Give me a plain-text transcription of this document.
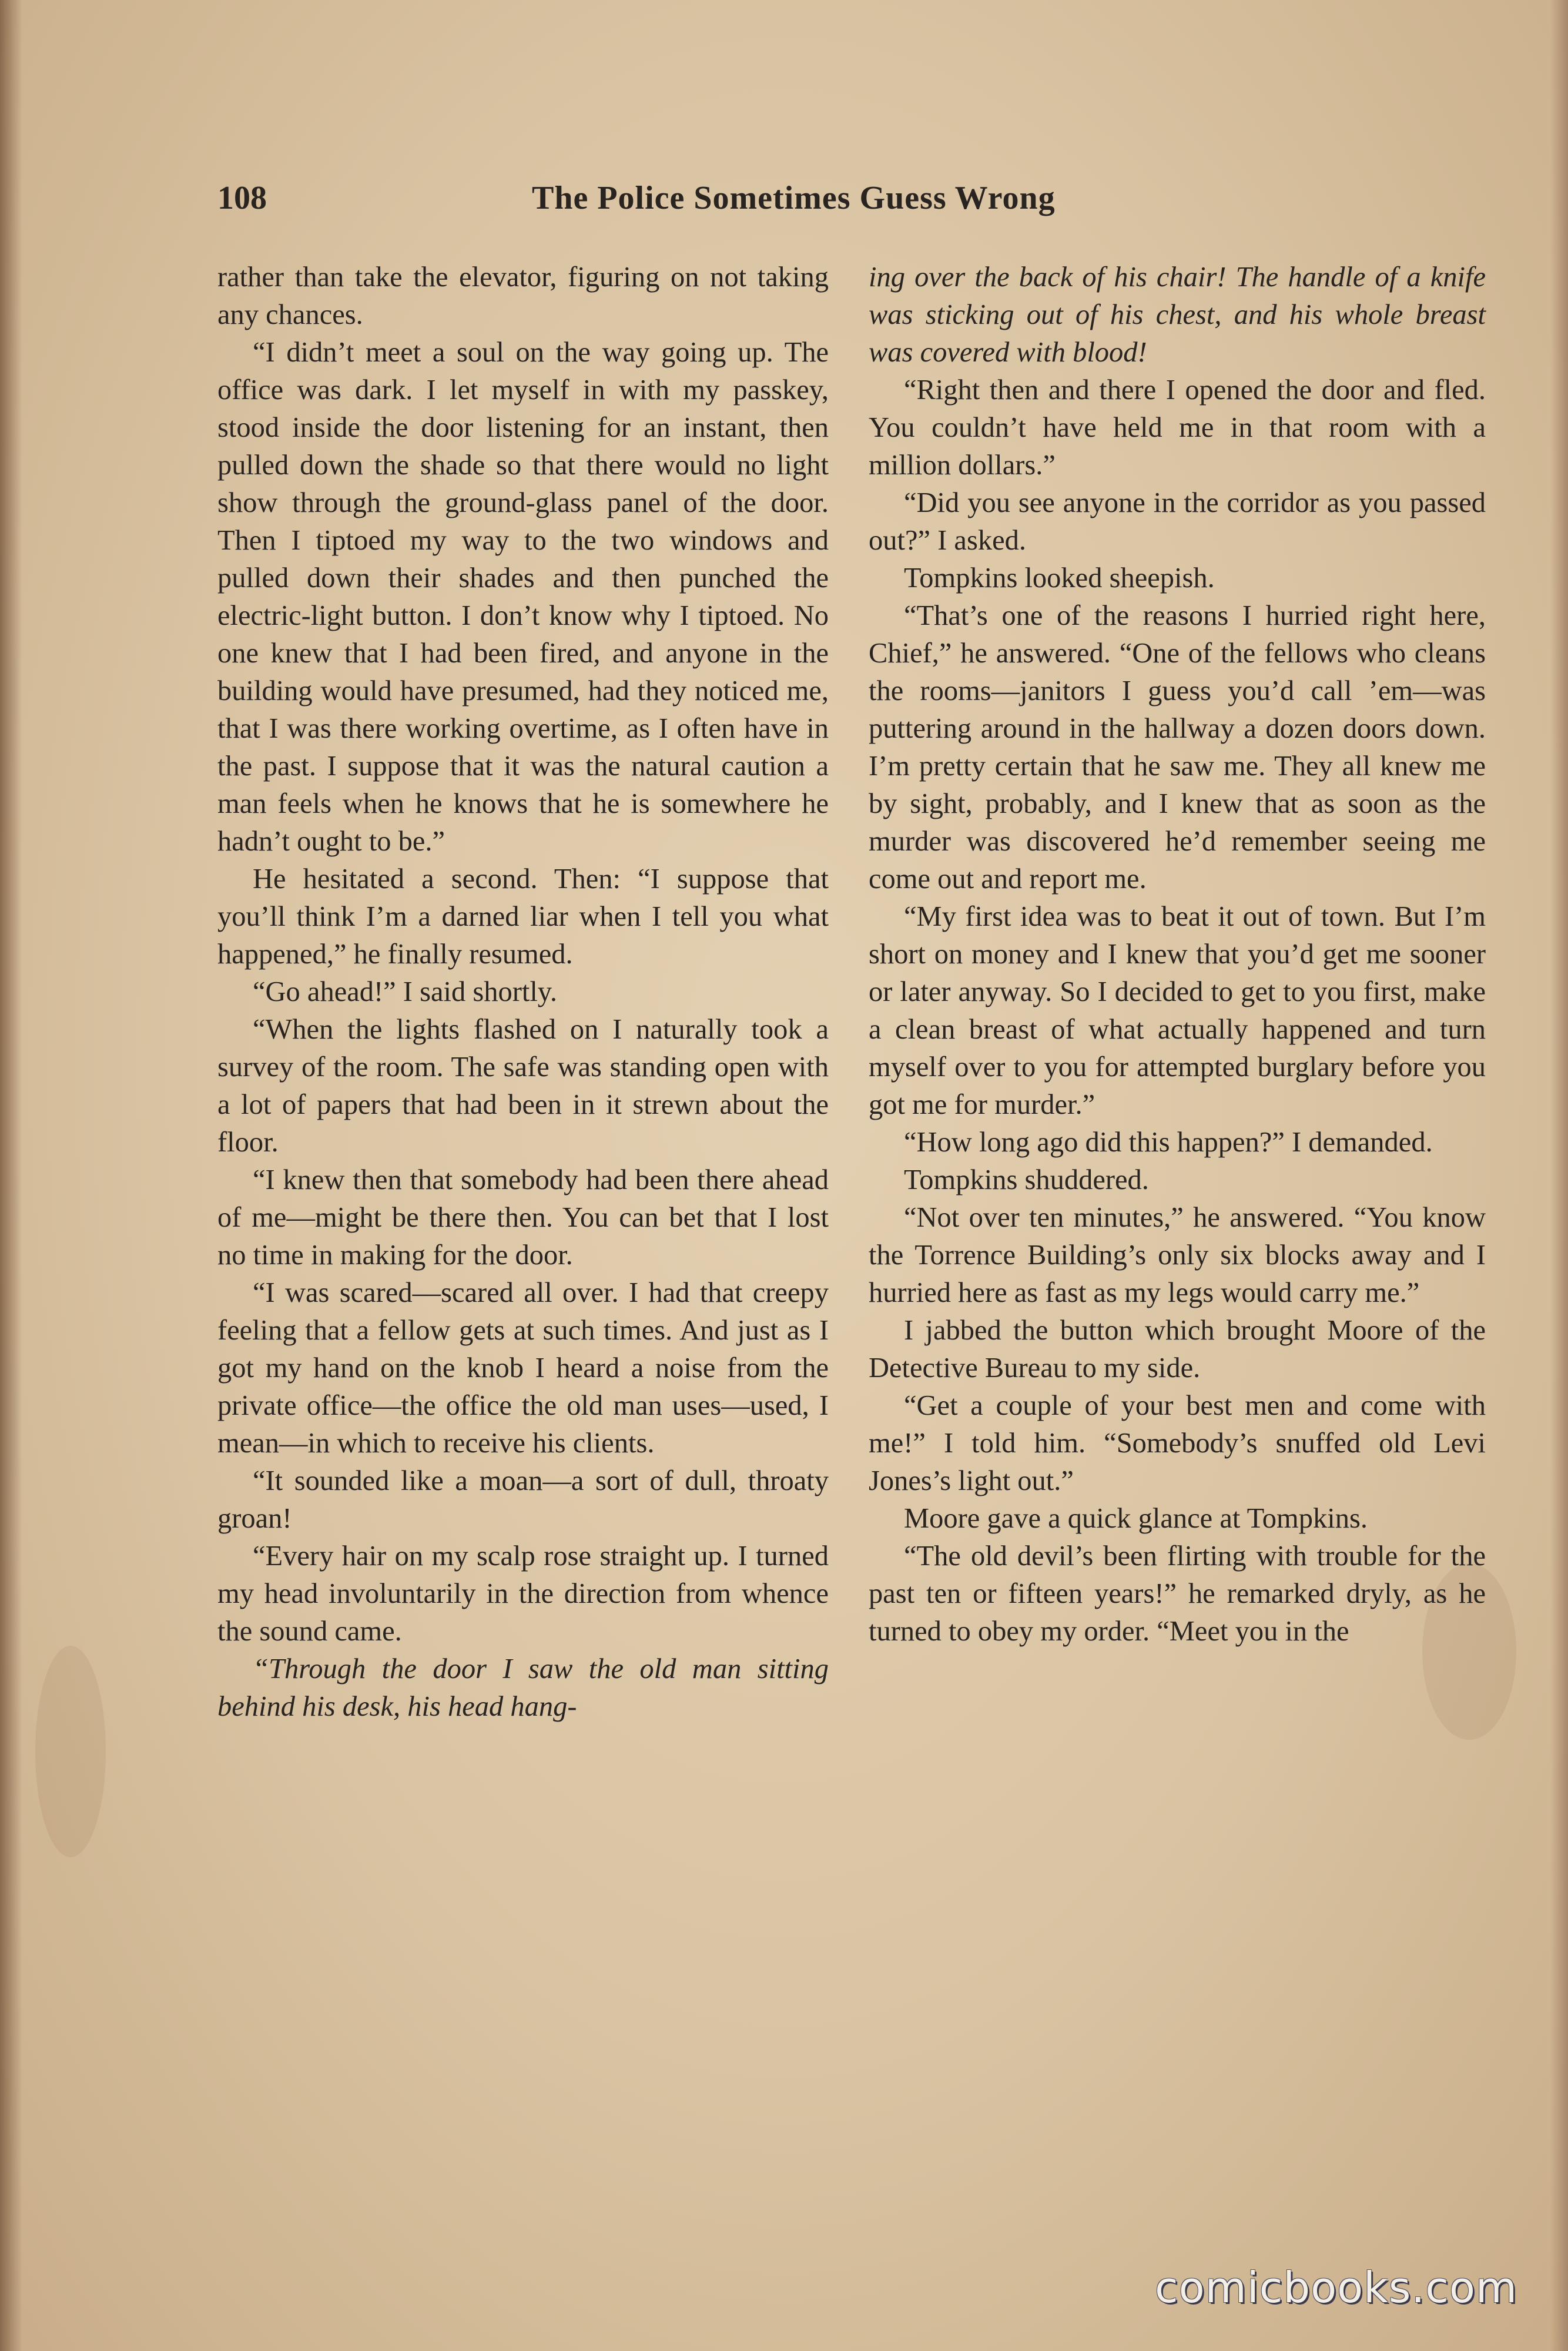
108	The Police Sometimes Guess Wrong

rather than take the elevator, figuring on not taking any chances.

“I didn’t meet a soul on the way going up. The office was dark. I let myself in with my passkey, stood inside the door listening for an instant, then pulled down the shade so that there would no light show through the ground-glass panel of the door. Then I tiptoed my way to the two windows and pulled down their shades and then punched the electric-light button. I don’t know why I tiptoed. No one knew that I had been fired, and anyone in the building would have presumed, had they noticed me, that I was there working overtime, as I often have in the past. I suppose that it was the natural caution a man feels when he knows that he is somewhere he hadn’t ought to be.”

He hesitated a second. Then: “I suppose that you’ll think I’m a darned liar when I tell you what happened,” he finally resumed.

“Go ahead!” I said shortly.

“When the lights flashed on I naturally took a survey of the room. The safe was standing open with a lot of papers that had been in it strewn about the floor.

“I knew then that somebody had been there ahead of me—might be there then. You can bet that I lost no time in making for the door.

“I was scared—scared all over. I had that creepy feeling that a fellow gets at such times. And just as I got my hand on the knob I heard a noise from the private office—the office the old man uses—used, I mean—in which to receive his clients.

“It sounded like a moan—a sort of dull, throaty groan!

“Every hair on my scalp rose straight up. I turned my head involuntarily in the direction from whence the sound came.

“Through the door I saw the old man sitting behind his desk, his head hang-

ing over the back of his chair! The handle of a knife was sticking out of his chest, and his whole breast was covered with blood!

“Right then and there I opened the door and fled. You couldn’t have held me in that room with a million dollars.”

“Did you see anyone in the corridor as you passed out?” I asked.

Tompkins looked sheepish.

“That’s one of the reasons I hurried right here, Chief,” he answered. “One of the fellows who cleans the rooms—janitors I guess you’d call ’em—was puttering around in the hallway a dozen doors down. I’m pretty certain that he saw me. They all knew me by sight, probably, and I knew that as soon as the murder was discovered he’d remember seeing me come out and report me.

“My first idea was to beat it out of town. But I’m short on money and I knew that you’d get me sooner or later anyway. So I decided to get to you first, make a clean breast of what actually happened and turn myself over to you for attempted burglary before you got me for murder.”

“How long ago did this happen?” I demanded.

Tompkins shuddered.

“Not over ten minutes,” he answered. “You know the Torrence Building’s only six blocks away and I hurried here as fast as my legs would carry me.”

I jabbed the button which brought Moore of the Detective Bureau to my side.

“Get a couple of your best men and come with me!” I told him. “Somebody’s snuffed old Levi Jones’s light out.”

Moore gave a quick glance at Tompkins.

“The old devil’s been flirting with trouble for the past ten or fifteen years!” he remarked dryly, as he turned to obey my order. “Meet you in the

comicbooks.com
